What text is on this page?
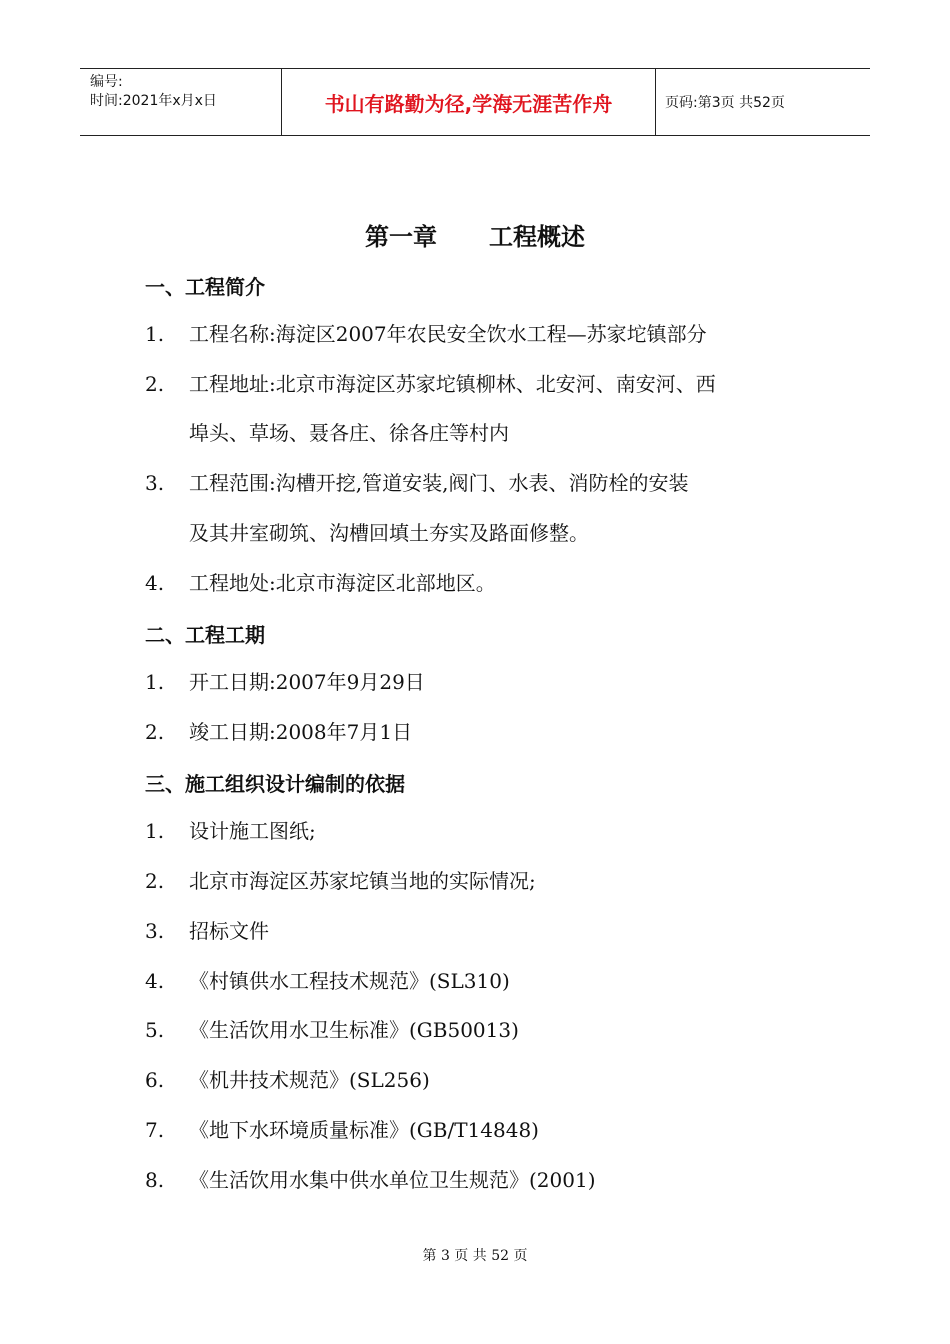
编号:
时间:2021年x月x日	书山有路勤为径,学海无涯苦作舟	页码:第3页 共52页
第一章 工程概述
一、工程简介
1. 工程名称:海淀区2007年农民安全饮水工程—苏家坨镇部分
2. 工程地址:北京市海淀区苏家坨镇柳林、北安河、南安河、西
埠头、草场、聂各庄、徐各庄等村内
3. 工程范围:沟槽开挖,管道安装,阀门、水表、消防栓的安装
及其井室砌筑、沟槽回填土夯实及路面修整。
4. 工程地处:北京市海淀区北部地区。
二、工程工期
1. 开工日期:2007年9月29日
2. 竣工日期:2008年7月1日
三、施工组织设计编制的依据
1. 设计施工图纸;
2. 北京市海淀区苏家坨镇当地的实际情况;
3. 招标文件
4. 《村镇供水工程技术规范》(SL310)
5. 《生活饮用水卫生标准》(GB50013)
6. 《机井技术规范》(SL256)
7. 《地下水环境质量标准》(GB/T14848)
8. 《生活饮用水集中供水单位卫生规范》(2001)
第 3 页 共 52 页
